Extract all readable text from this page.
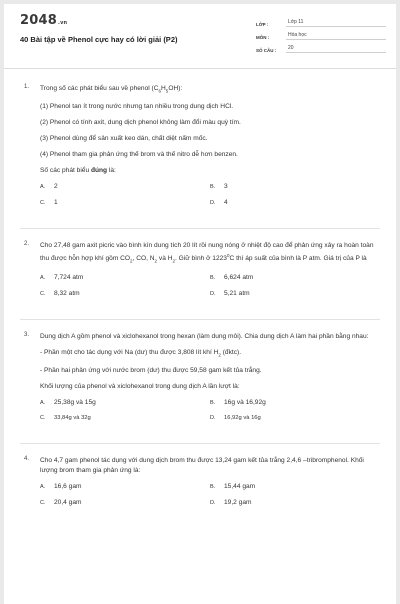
2048.vn
40 Bài tập về Phenol cực hay có lời giải (P2)
LỚP :	Lớp 11
MÔN :	Hóa học
SỐ CÂU :	20
1. Trong số các phát biểu sau về phenol $(C_6H_5OH)$:
(1) Phenol tan ít trong nước nhưng tan nhiều trong dung dịch HCl.
(2) Phenol có tính axit, dung dịch phenol không làm đổi màu quỳ tím.
(3) Phenol dùng để sản xuất keo dán, chất diệt nấm mốc.
(4) Phenol tham gia phản ứng thế brom và thế nitro dễ hơn benzen.
Số các phát biểu đúng là:
A.	2	B.	3
C.	1	D.	4
2. Cho 27,48 gam axit picric vào bình kín dung tích 20 lít rồi nung nóng ở nhiệt độ cao để phản ứng xảy ra hoàn toàn thu được hỗn hợp khí gồm $CO_2$, CO, $N_2$ và $H_2$. Giữ bình ở 1223$^0$C thì áp suất của bình là P atm. Giá trị của P là
A.	7,724 atm	B.	6,624 atm
C.	8,32 atm	D.	5,21 atm
3. Dung dịch A gồm phenol và xiclohexanol trong hexan (làm dung môi). Chia dung dịch A làm hai phần bằng nhau:
- Phần một cho tác dụng với Na (dư) thu được 3,808 lít khí $H_2$ (đktc).
- Phần hai phản ứng với nước brom (dư) thu được 59,58 gam kết tủa trắng.
Khối lượng của phenol và xiclohexanol trong dung dịch A lần lượt là:
A.	25,38g và 15g	B.	16g và 16,92g
C.	33,84g và 32g	D.	16,92g và 16g
4. Cho 4,7 gam phenol tác dụng với dung dịch brom thu được 13,24 gam kết tủa trắng 2,4,6 –tribromphenol. Khối lượng brom tham gia phản ứng là:
A.	16,6 gam	B.	15,44 gam
C.	20,4 gam	D.	19,2 gam
